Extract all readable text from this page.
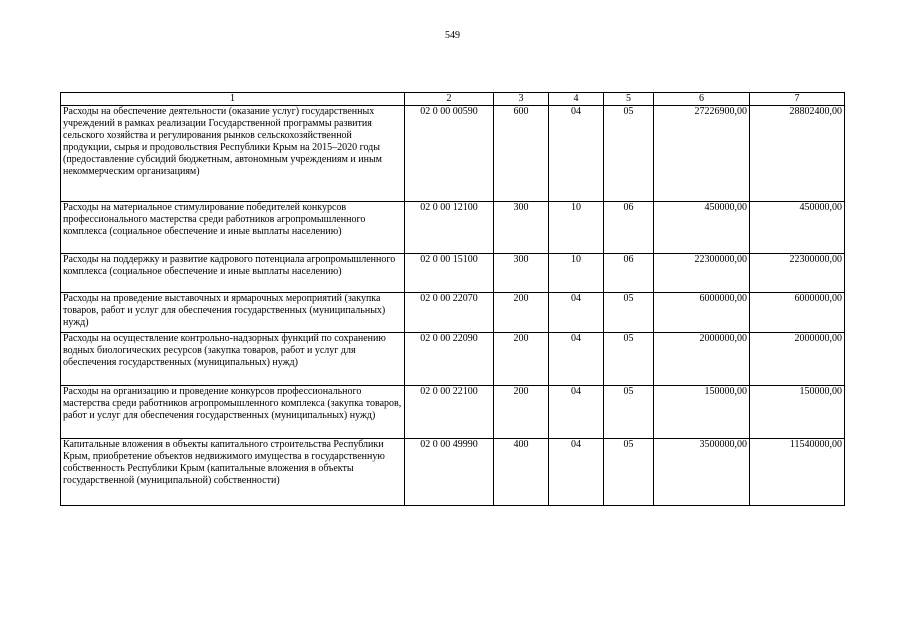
549
1	2	3	4	5	6	7
Расходы на обеспечение деятельности (оказание услуг) государственных учреждений в рамках реализации Государственной программы развития сельского хозяйства и регулирования рынков сельскохозяйственной продукции, сырья и продовольствия Республики Крым на 2015–2020 годы (предоставление субсидий бюджетным, автономным учреждениям и иным некоммерческим организациям)	02 0 00 00590	600	04	05	27226900,00	28802400,00
Расходы на материальное стимулирование победителей конкурсов профессионального мастерства среди работников агропромышленного комплекса (социальное обеспечение и иные выплаты населению)	02 0 00 12100	300	10	06	450000,00	450000,00
Расходы на поддержку и развитие кадрового потенциала агропромышленного комплекса (социальное обеспечение и иные выплаты населению)	02 0 00 15100	300	10	06	22300000,00	22300000,00
Расходы на проведение выставочных и ярмарочных мероприятий (закупка товаров, работ и услуг для обеспечения государственных (муниципальных) нужд)	02 0 00 22070	200	04	05	6000000,00	6000000,00
Расходы на осуществление контрольно-надзорных функций по сохранению водных биологических ресурсов (закупка товаров, работ и услуг для обеспечения государственных (муниципальных) нужд)	02 0 00 22090	200	04	05	2000000,00	2000000,00
Расходы на организацию и проведение конкурсов профессионального мастерства среди работников агропромышленного комплекса (закупка товаров, работ и услуг для обеспечения государственных (муниципальных) нужд)	02 0 00 22100	200	04	05	150000,00	150000,00
Капитальные вложения в объекты капитального строительства Республики Крым, приобретение объектов недвижимого имущества в государственную собственность Республики Крым (капитальные вложения в объекты государственной (муниципальной) собственности)	02 0 00 49990	400	04	05	3500000,00	11540000,00
